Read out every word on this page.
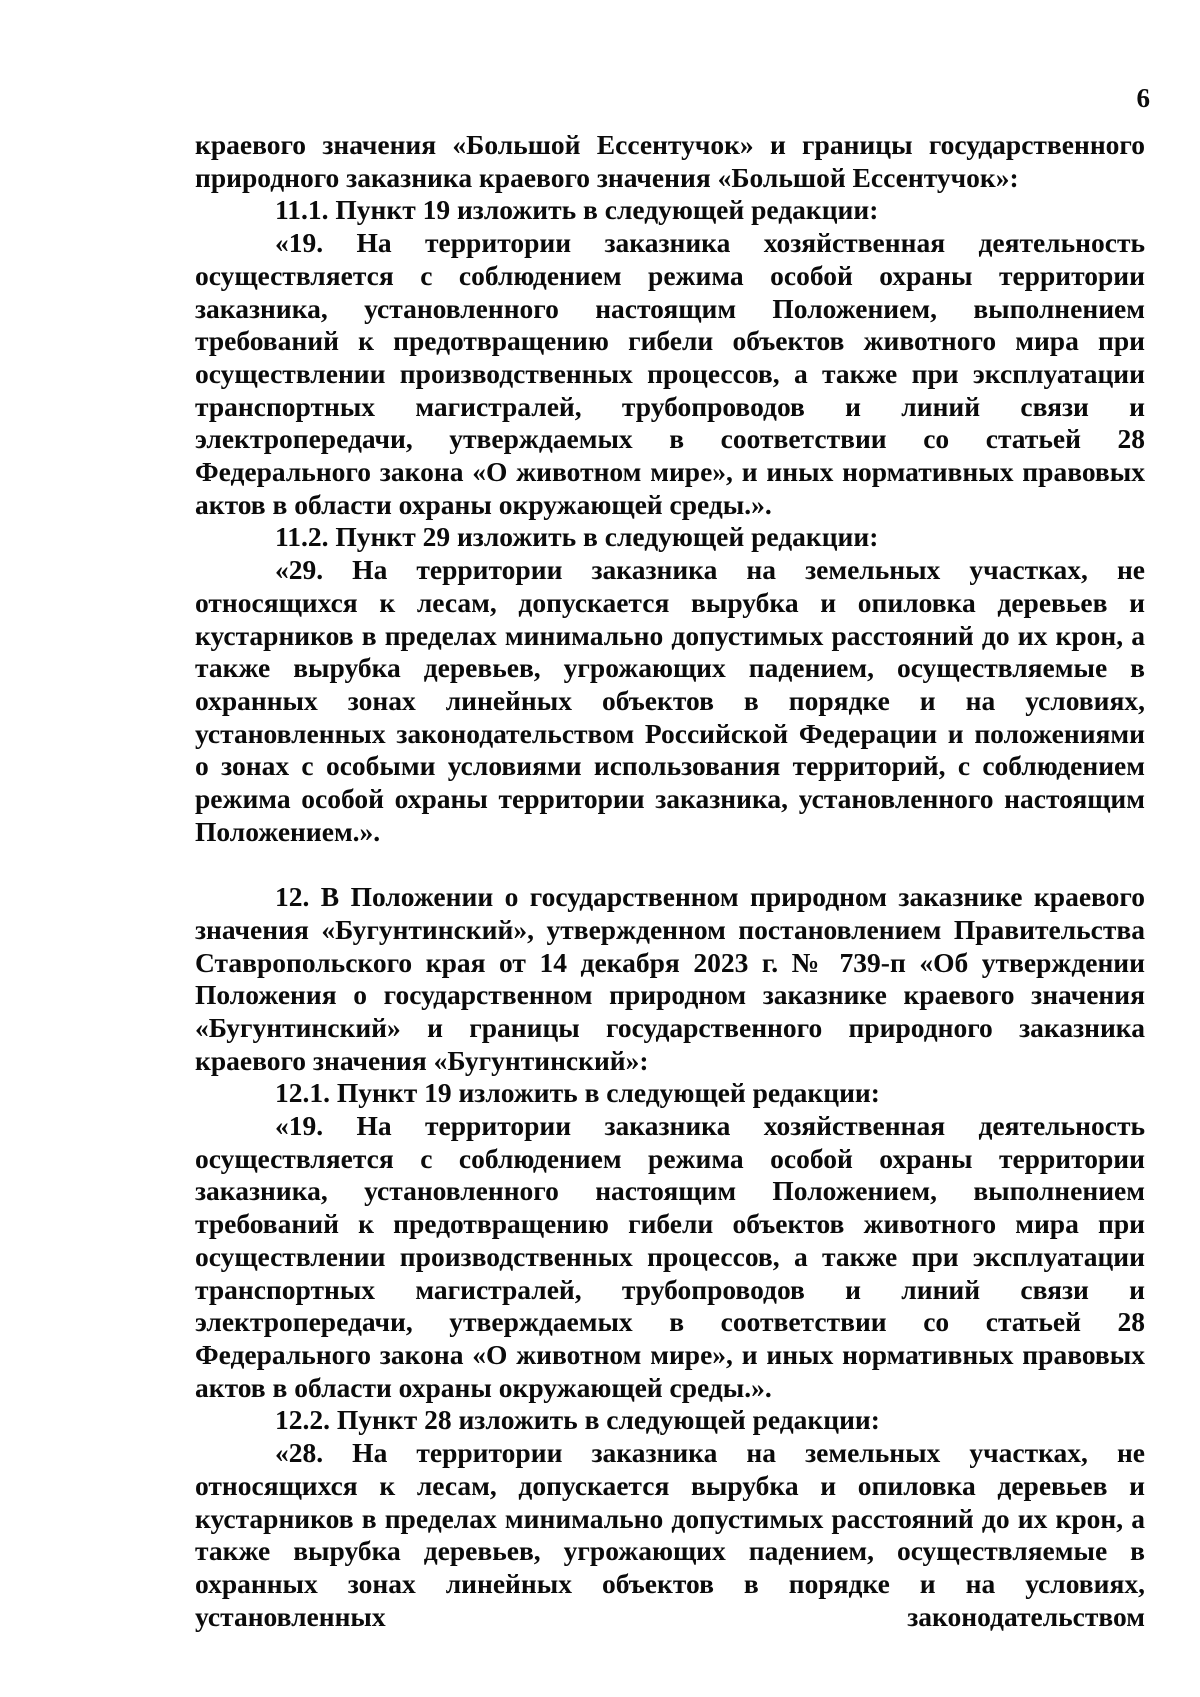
6

краевого значения «Большой Ессентучок» и границы государственного природного заказника краевого значения «Большой Ессентучок»:

11.1. Пункт 19 изложить в следующей редакции:

«19. На территории заказника хозяйственная деятельность осуществляется с соблюдением режима особой охраны территории заказника, установленного настоящим Положением, выполнением требований к предотвращению гибели объектов животного мира при осуществлении производственных процессов, а также при эксплуатации транспортных магистралей, трубопроводов и линий связи и электропередачи, утверждаемых в соответствии со статьей 28 Федерального закона «О животном мире», и иных нормативных правовых актов в области охраны окружающей среды.».

11.2. Пункт 29 изложить в следующей редакции:

«29. На территории заказника на земельных участках, не относящихся к лесам, допускается вырубка и опиловка деревьев и кустарников в пределах минимально допустимых расстояний до их крон, а также вырубка деревьев, угрожающих падением, осуществляемые в охранных зонах линейных объектов в порядке и на условиях, установленных законодательством Российской Федерации и положениями о зонах с особыми условиями использования территорий, с соблюдением режима особой охраны территории заказника, установленного настоящим Положением.».

12. В Положении о государственном природном заказнике краевого значения «Бугунтинский», утвержденном постановлением Правительства Ставропольского края от 14 декабря 2023 г. № 739-п «Об утверждении Положения о государственном природном заказнике краевого значения «Бугунтинский» и границы государственного природного заказника краевого значения «Бугунтинский»:

12.1. Пункт 19 изложить в следующей редакции:

«19. На территории заказника хозяйственная деятельность осуществляется с соблюдением режима особой охраны территории заказника, установленного настоящим Положением, выполнением требований к предотвращению гибели объектов животного мира при осуществлении производственных процессов, а также при эксплуатации транспортных магистралей, трубопроводов и линий связи и электропередачи, утверждаемых в соответствии со статьей 28 Федерального закона «О животном мире», и иных нормативных правовых актов в области охраны окружающей среды.».

12.2. Пункт 28 изложить в следующей редакции:

«28. На территории заказника на земельных участках, не относящихся к лесам, допускается вырубка и опиловка деревьев и кустарников в пределах минимально допустимых расстояний до их крон, а также вырубка деревьев, угрожающих падением, осуществляемые в охранных зонах линейных объектов в порядке и на условиях, установленных законодательством
